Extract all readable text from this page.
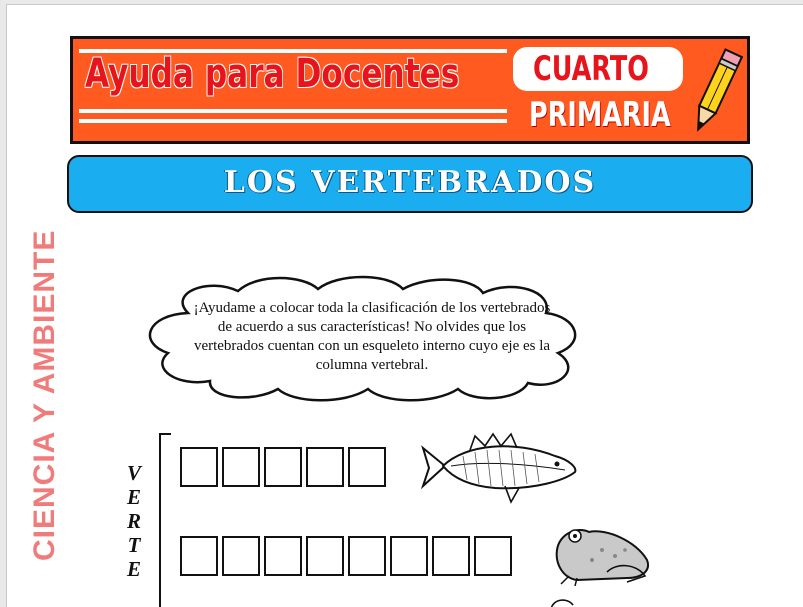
Ayuda para Docentes CUARTO
PRIMARIA
LOS VERTEBRADOS
CIENCIA Y AMBIENTE	¡Ayudame a colocar toda la clasificación de los vertebrados de acuerdo a sus características! No olvides que los vertebrados cuentan con un esqueleto interno cuyo eje es la columna vertebral.
V
E
R
T
E
